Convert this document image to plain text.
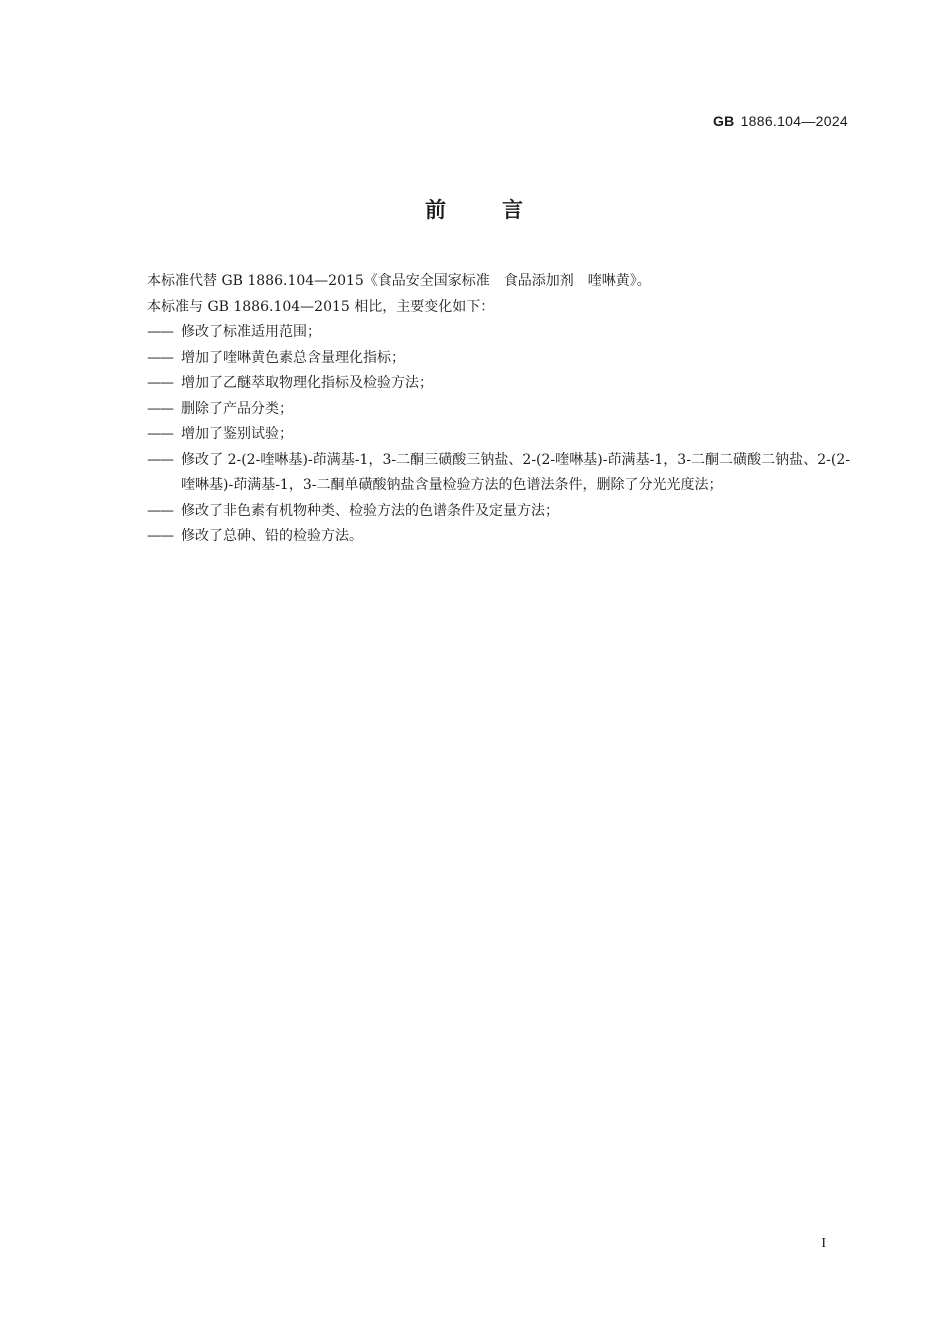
GB 1886.104—2024
前	言

本标准代替 GB 1886.104—2015《食品安全国家标准　食品添加剂　喹啉黄》。

本标准与 GB 1886.104—2015 相比，主要变化如下：

—— 修改了标准适用范围；
—— 增加了喹啉黄色素总含量理化指标；
—— 增加了乙醚萃取物理化指标及检验方法；
—— 删除了产品分类；
—— 增加了鉴别试验；
—— 修改了 2-(2-喹啉基)-茚满基-1，3-二酮三磺酸三钠盐、2-(2-喹啉基)-茚满基-1，3-二酮二磺酸二钠盐、2-(2-喹啉基)-茚满基-1，3-二酮单磺酸钠盐含量检验方法的色谱法条件，删除了分光光度法；
—— 修改了非色素有机物种类、检验方法的色谱条件及定量方法；
—— 修改了总砷、铅的检验方法。
I
